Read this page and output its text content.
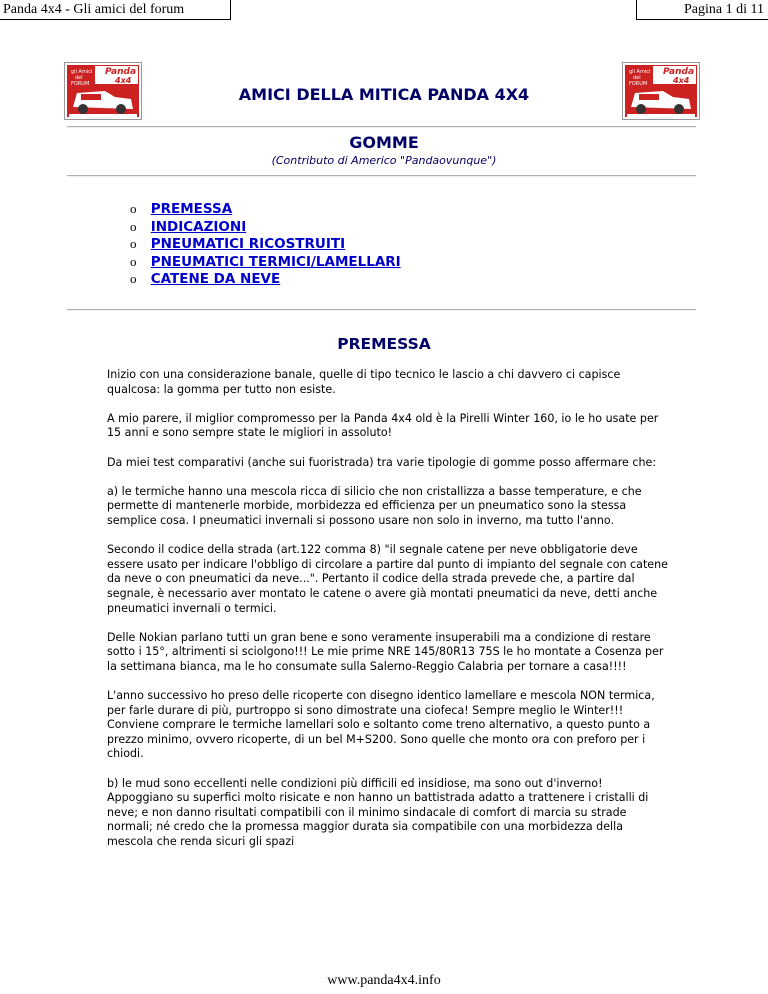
Panda 4x4 - Gli amici del forum	Pagina 1 di 11
gli Amici
del
FORUM
Panda
4x4
gli Amici
del
FORUM
Panda
4x4
AMICI DELLA MITICA PANDA 4X4
GOMME
(Contributo di Americo "Pandaovunque")
o PREMESSA
o INDICAZIONI
o PNEUMATICI RICOSTRUITI
o PNEUMATICI TERMICI/LAMELLARI
o CATENE DA NEVE
PREMESSA

Inizio con una considerazione banale, quelle di tipo tecnico le lascio a chi davvero ci capisce qualcosa: la gomma per tutto non esiste.

A mio parere, il miglior compromesso per la Panda 4x4 old è la Pirelli Winter 160, io le ho usate per 15 anni e sono sempre state le migliori in assoluto!

Da miei test comparativi (anche sui fuoristrada) tra varie tipologie di gomme posso affermare che:

a) le termiche hanno una mescola ricca di silicio che non cristallizza a basse temperature, e che permette di mantenerle morbide, morbidezza ed efficienza per un pneumatico sono la stessa semplice cosa. I pneumatici invernali si possono usare non solo in inverno, ma tutto l'anno.

Secondo il codice della strada (art.122 comma 8) "il segnale catene per neve obbligatorie deve essere usato per indicare l'obbligo di circolare a partire dal punto di impianto del segnale con catene da neve o con pneumatici da neve...". Pertanto il codice della strada prevede che, a partire dal segnale, è necessario aver montato le catene o avere già montati pneumatici da neve, detti anche pneumatici invernali o termici.

Delle Nokian parlano tutti un gran bene e sono veramente insuperabili ma a condizione di restare sotto i 15°, altrimenti si sciolgono!!! Le mie prime NRE 145/80R13 75S le ho montate a Cosenza per la settimana bianca, ma le ho consumate sulla Salerno-Reggio Calabria per tornare a casa!!!!

L'anno successivo ho preso delle ricoperte con disegno identico lamellare e mescola NON termica, per farle durare di più, purtroppo si sono dimostrate una ciofeca! Sempre meglio le Winter!!! Conviene comprare le termiche lamellari solo e soltanto come treno alternativo, a questo punto a prezzo minimo, ovvero ricoperte, di un bel M+S200. Sono quelle che monto ora con preforo per i chiodi.

b) le mud sono eccellenti nelle condizioni più difficili ed insidiose, ma sono out d'inverno! Appoggiano su superfici molto risicate e non hanno un battistrada adatto a trattenere i cristalli di neve; e non danno risultati compatibili con il minimo sindacale di comfort di marcia su strade normali; né credo che la promessa maggior durata sia compatibile con una morbidezza della mescola che renda sicuri gli spazi

www.panda4x4.info
